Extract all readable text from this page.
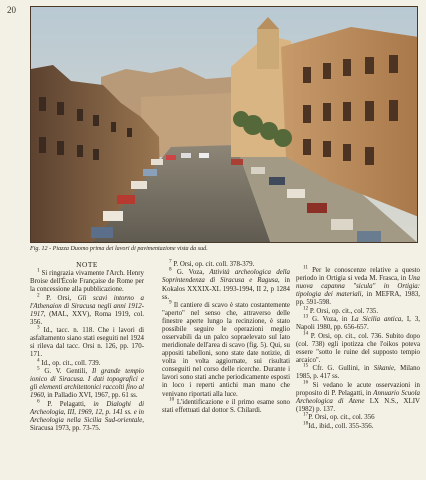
20
Fig. 12 - Piazza Duomo prima dei lavori di pavimentazione vista da sud.
NOTE

$^1$ Si ringrazia vivamente l'Arch. Henry Broise dell'École Française de Rome per la concessione alla pubblicazione.

$^2$ P. Orsi, Gli scavi intorno a l'Athenaion di Siracusa negli anni 1912-1917, (MAL, XXV), Roma 1919, col. 356.

$^3$ Id., tacc. n. 118. Che i lavori di asfaltamento siano stati eseguiti nel 1924 si rileva dal tacc. Orsi n. 126, pp. 170-171.

$^4$ Id., op. cit., coll. 739.

$^5$ G. V. Gentili, Il grande tempio ionico di Siracusa. I dati topografici e gli elementi architettonici raccolti fino al 1960, in Palladio XVI, 1967, pp. 61 ss.

$^6$ P. Pelagatti, in Dialoghi di Archeologia, III, 1969, 12, p. 141 ss. e in Archeologia nella Sicilia Sud-orientale, Siracusa 1973, pp. 73-75.

$^7$ P. Orsi, op. cit. coll. 378-379.

$^8$ G. Voza, Attività archeologica della Soprintendenza di Siracusa e Ragusa, in Kokalos XXXIX-XL 1993-1994, II 2, p 1284 ss.

$^9$ Il cantiere di scavo è stato costantemente "aperto" nel senso che, attraverso delle finestre aperte lungo la recinzione, è stato possibile seguire le operazioni meglio osservabili da un palco sopraelevato sul lato meridionale dell'area di scavo (fig. 5). Qui, su appositi tabelloni, sono state date notizie, di volta in volta aggiornate, sui risultati conseguiti nel corso delle ricerche. Durante i lavori sono stati anche periodicamente esposti in loco i reperti antichi man mano che venivano riportati alla luce.

$^{10}$ L'identificazione e il primo esame sono stati effettuati dal dottor S. Chilardi.

$^{11}$ Per le conoscenze relative a questo periodo in Ortigia si veda M. Frasca, in Una nuova capanna "sicula" in Ortigia: tipologia dei materiali, in MEFRA, 1983, pp. 591-598.

$^{12}$ P. Orsi, op. cit., col. 735.

$^{13}$ G. Voza, in La Sicilia antica, I, 3, Napoli 1980, pp. 656-657.

$^{14}$ P. Orsi, op. cit., col. 736. Subito dopo (col. 738) egli ipotizza che l'oikos poteva essere "sotto le ruine del supposto tempio arcaico".

$^{15}$ Cfr. G. Gullini, in Sikanie, Milano 1985, p. 417 ss.

$^{16}$ Si vedano le acute osservazioni in proposito di P. Pelagatti, in Annuario Scuola Archeologica di Atene LX N.S., XLIV (1982) p. 137.

$^{17}$P. Orsi, op. cit., col. 356

$^{18}$Id., ibid., coll. 355-356.
